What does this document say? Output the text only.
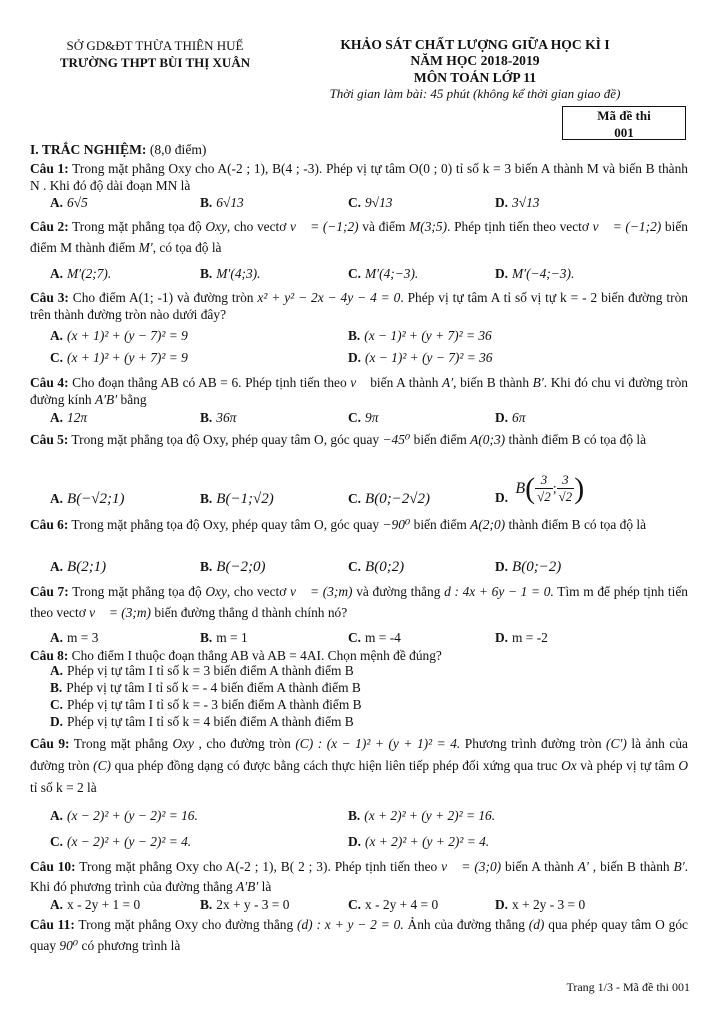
SỞ GD&ĐT THỪA THIÊN HUẾ
TRƯỜNG THPT BÙI THỊ XUÂN
KHẢO SÁT CHẤT LƯỢNG GIỮA HỌC KÌ I
NĂM HỌC 2018-2019
MÔN TOÁN LỚP 11
Thời gian làm bài: 45 phút (không kể thời gian giao đề)
Mã đề thi
001
I. TRẮC NGHIỆM: (8,0 điểm)
Câu 1: Trong mặt phẳng Oxy cho A(-2 ; 1), B(4 ; -3). Phép vị tự tâm O(0 ; 0) tỉ số k = 3 biến A thành M và biến B thành N . Khi đó độ dài đoạn MN là
A. 6√5	B. 6√13	C. 9√13	D. 3√13
Câu 2: Trong mặt phẳng tọa độ Oxy, cho vectơ v⃗ = (−1;2) và điểm M(3;5). Phép tịnh tiến theo vectơ v⃗ = (−1;2) biến điểm M thành điểm M′, có tọa độ là
A. M′(2;7).	B. M′(4;3).	C. M′(4;−3).	D. M′(−4;−3).
Câu 3: Cho điểm A(1; -1) và đường tròn x² + y² − 2x − 4y − 4 = 0. Phép vị tự tâm A tỉ số vị tự k = - 2 biến đường tròn trên thành đường tròn nào dưới đây?
A. (x + 1)² + (y − 7)² = 9	B. (x − 1)² + (y + 7)² = 36
C. (x + 1)² + (y + 7)² = 9	D. (x − 1)² + (y − 7)² = 36
Câu 4: Cho đoạn thẳng AB có AB = 6. Phép tịnh tiến theo v⃗ biến A thành A′, biến B thành B′. Khi đó chu vi đường tròn đường kính A′B′ bằng
A. 12π	B. 36π	C. 9π	D. 6π
Câu 5: Trong mặt phẳng tọa độ Oxy, phép quay tâm O, góc quay −45⁰ biến điểm A(0;3) thành điểm B có tọa độ là
A. B(−√2;1)	B. B(−1;√2)	C. B(0;−2√2)	D. $B( \frac{3}{√2}$ ; $\frac{3}{√2}$ )
Câu 6: Trong mặt phẳng tọa độ Oxy, phép quay tâm O, góc quay −90⁰ biến điểm A(2;0) thành điểm B có tọa độ là
A. B(2;1)	B. B(−2;0)	C. B(0;2)	D. B(0;−2)
Câu 7: Trong mặt phẳng tọa độ Oxy, cho vectơ v⃗ = (3;m) và đường thẳng d : 4x + 6y − 1 = 0. Tìm m để phép tịnh tiến theo vectơ v⃗ = (3;m) biến đường thẳng d thành chính nó?
A. m = 3	B. m = 1	C. m = -4	D. m = -2
Câu 8: Cho điểm I thuộc đoạn thẳng AB và AB = 4AI. Chọn mệnh đề đúng?
A. Phép vị tự tâm I tỉ số k = 3 biến điểm A thành điểm B
B. Phép vị tự tâm I tỉ số k = - 4 biến điểm A thành điểm B
C. Phép vị tự tâm I tỉ số k = - 3 biến điểm A thành điểm B
D. Phép vị tự tâm I tỉ số k = 4 biến điểm A thành điểm B
Câu 9: Trong mặt phẳng Oxy , cho đường tròn (C) : (x − 1)² + (y + 1)² = 4. Phương trình đường tròn (C′) là ảnh của đường tròn (C) qua phép đồng dạng có được bằng cách thực hiện liên tiếp phép đối xứng qua truc Ox và phép vị tự tâm O tỉ số k = 2 là
A. (x − 2)² + (y − 2)² = 16.	B. (x + 2)² + (y + 2)² = 16.
C. (x − 2)² + (y − 2)² = 4.	D. (x + 2)² + (y + 2)² = 4.
Câu 10: Trong mặt phẳng Oxy cho A(-2 ; 1), B( 2 ; 3). Phép tịnh tiến theo v⃗ = (3;0) biến A thành A′ , biến B thành B′. Khi đó phương trình của đường thẳng A′B′ là
A. x - 2y + 1 = 0	B. 2x + y - 3 = 0	C. x - 2y + 4 = 0	D. x + 2y - 3 = 0
Câu 11: Trong mặt phẳng Oxy cho đường thẳng (d) : x + y − 2 = 0. Ảnh của đường thẳng (d) qua phép quay tâm O góc quay 90⁰ có phương trình là
Trang 1/3 - Mã đề thi 001
